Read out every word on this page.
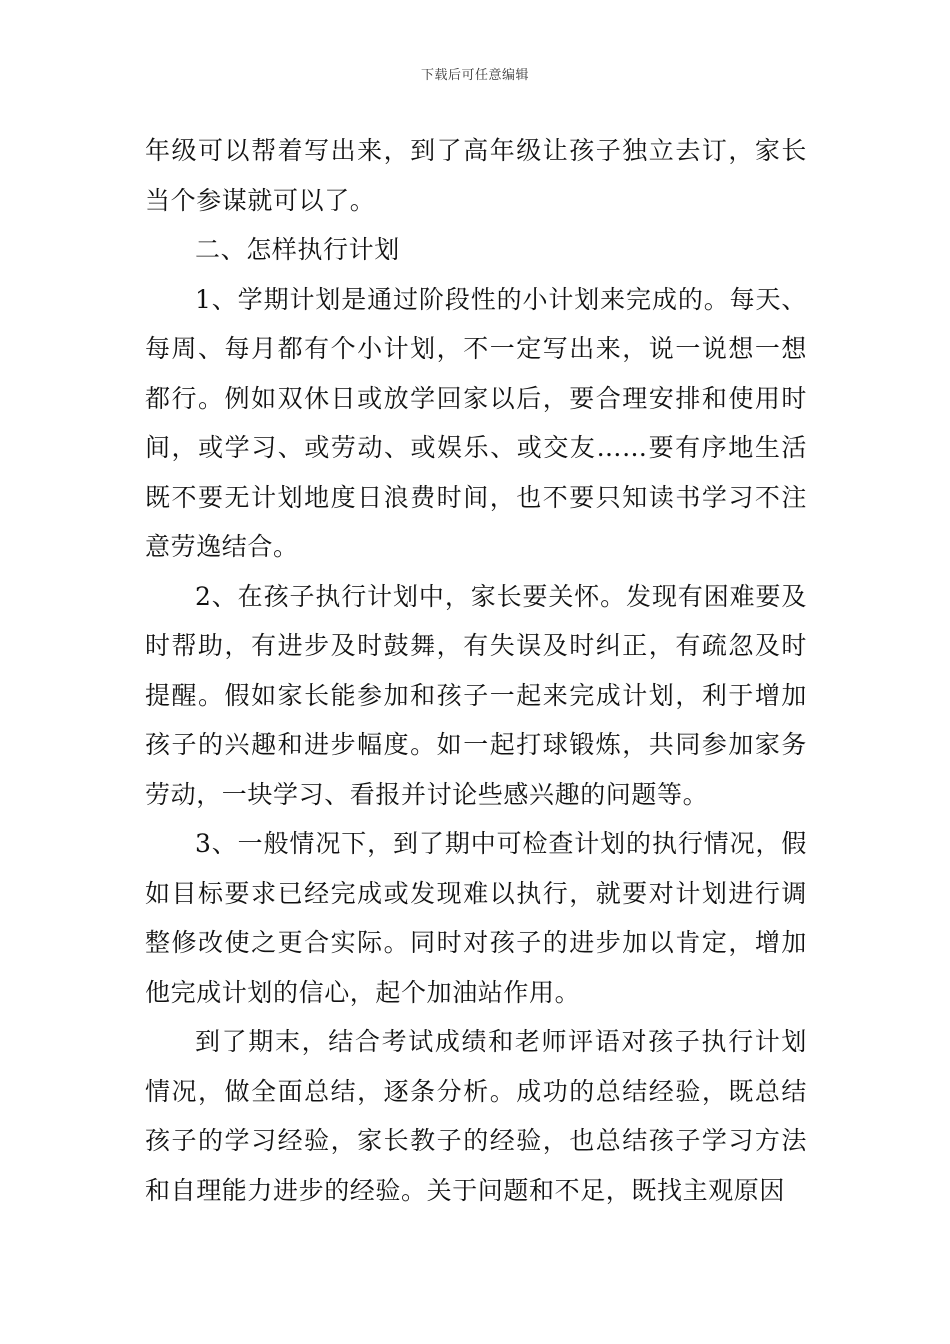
下载后可任意编辑

年级可以帮着写出来，到了高年级让孩子独立去订，家长当个参谋就可以了。

二、怎样执行计划

1、学期计划是通过阶段性的小计划来完成的。每天、每周、每月都有个小计划，不一定写出来，说一说想一想都行。例如双休日或放学回家以后，要合理安排和使用时间，或学习、或劳动、或娱乐、或交友……要有序地生活既不要无计划地度日浪费时间，也不要只知读书学习不注意劳逸结合。

2、在孩子执行计划中，家长要关怀。发现有困难要及时帮助，有进步及时鼓舞，有失误及时纠正，有疏忽及时提醒。假如家长能参加和孩子一起来完成计划，利于增加孩子的兴趣和进步幅度。如一起打球锻炼，共同参加家务劳动，一块学习、看报并讨论些感兴趣的问题等。

3、一般情况下，到了期中可检查计划的执行情况，假如目标要求已经完成或发现难以执行，就要对计划进行调整修改使之更合实际。同时对孩子的进步加以肯定，增加他完成计划的信心，起个加油站作用。

到了期末，结合考试成绩和老师评语对孩子执行计划情况，做全面总结，逐条分析。成功的总结经验，既总结孩子的学习经验，家长教子的经验，也总结孩子学习方法和自理能力进步的经验。关于问题和不足，既找主观原因
